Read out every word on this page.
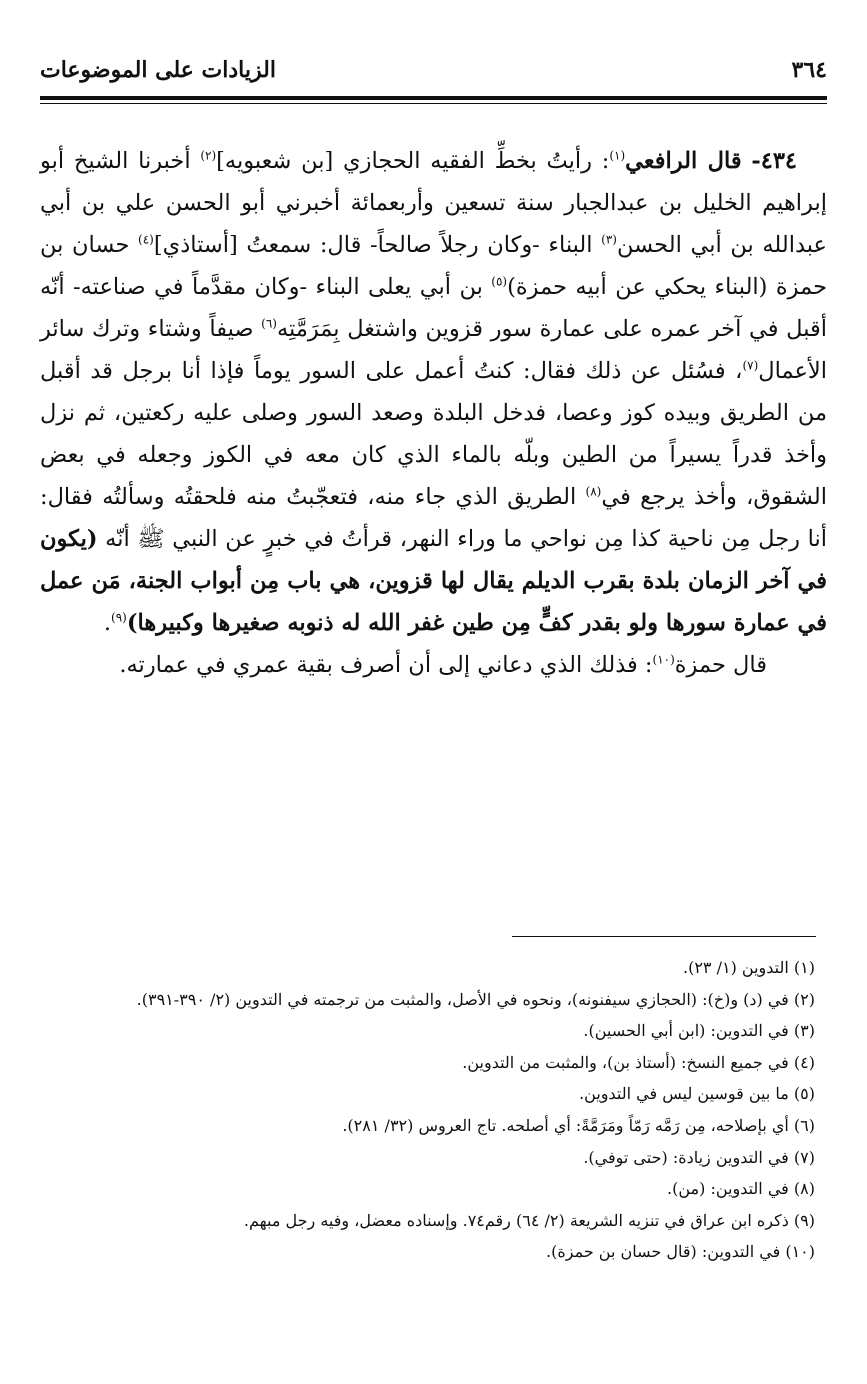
٣٦٤
الزيادات على الموضوعات

٤٣٤- قال الرافعي$^{(١)}$: رأيتُ بخطِّ الفقيه الحجازي [بن شعبويه]$^{(٢)}$ أخبرنا الشيخ أبو إبراهيم الخليل بن عبدالجبار سنة تسعين وأربعمائة أخبرني أبو الحسن علي بن أبي عبدالله بن أبي الحسن$^{(٣)}$ البناء -وكان رجلاً صالحاً- قال: سمعتُ [أستاذي]$^{(٤)}$ حسان بن حمزة (البناء يحكي عن أبيه حمزة)$^{(٥)}$ بن أبي يعلى البناء -وكان مقدَّماً في صناعته- أنّه أقبل في آخر عمره على عمارة سور قزوين واشتغل بِمَرَمَّتِه$^{(٦)}$ صيفاً وشتاء وترك سائر الأعمال$^{(٧)}$، فسُئل عن ذلك فقال: كنتُ أعمل على السور يوماً فإذا أنا برجل قد أقبل من الطريق وبيده كوز وعصا، فدخل البلدة وصعد السور وصلى عليه ركعتين، ثم نزل وأخذ قدراً يسيراً من الطين وبلّه بالماء الذي كان معه في الكوز وجعله في بعض الشقوق، وأخذ يرجع في$^{(٨)}$ الطريق الذي جاء منه، فتعجّبتُ منه فلحقتُه وسألتُه فقال: أنا رجل مِن ناحية كذا مِن نواحي ما وراء النهر، قرأتُ في خبرٍ عن النبي ﷺ أنّه (يكون في آخر الزمان بلدة بقرب الديلم يقال لها قزوين، هي باب مِن أبواب الجنة، مَن عمل في عمارة سورها ولو بقدر كفٍّ مِن طين غفر الله له ذنوبه صغيرها وكبيرها)$^{(٩)}$.

قال حمزة$^{(١٠)}$: فذلك الذي دعاني إلى أن أصرف بقية عمري في عمارته.

(١) التدوين (١/ ٢٣).

(٢) في (د) و(خ): (الحجازي سيفنونه)، ونحوه في الأصل، والمثبت من ترجمته في التدوين (٢/ ٣٩٠-٣٩١).

(٣) في التدوين: (ابن أبي الحسين).

(٤) في جميع النسخ: (أستاذ بن)، والمثبت من التدوين.

(٥) ما بين قوسين ليس في التدوين.

(٦) أي بإصلاحه، مِن رَمَّه رَمّاً ومَرَمَّةً: أي أصلحه. تاج العروس (٣٢/ ٢٨١).

(٧) في التدوين زيادة: (حتى توفي).

(٨) في التدوين: (من).

(٩) ذكره ابن عراق في تنزيه الشريعة (٢/ ٦٤) رقم٧٤. وإسناده معضل، وفيه رجل مبهم.

(١٠) في التدوين: (قال حسان بن حمزة).
